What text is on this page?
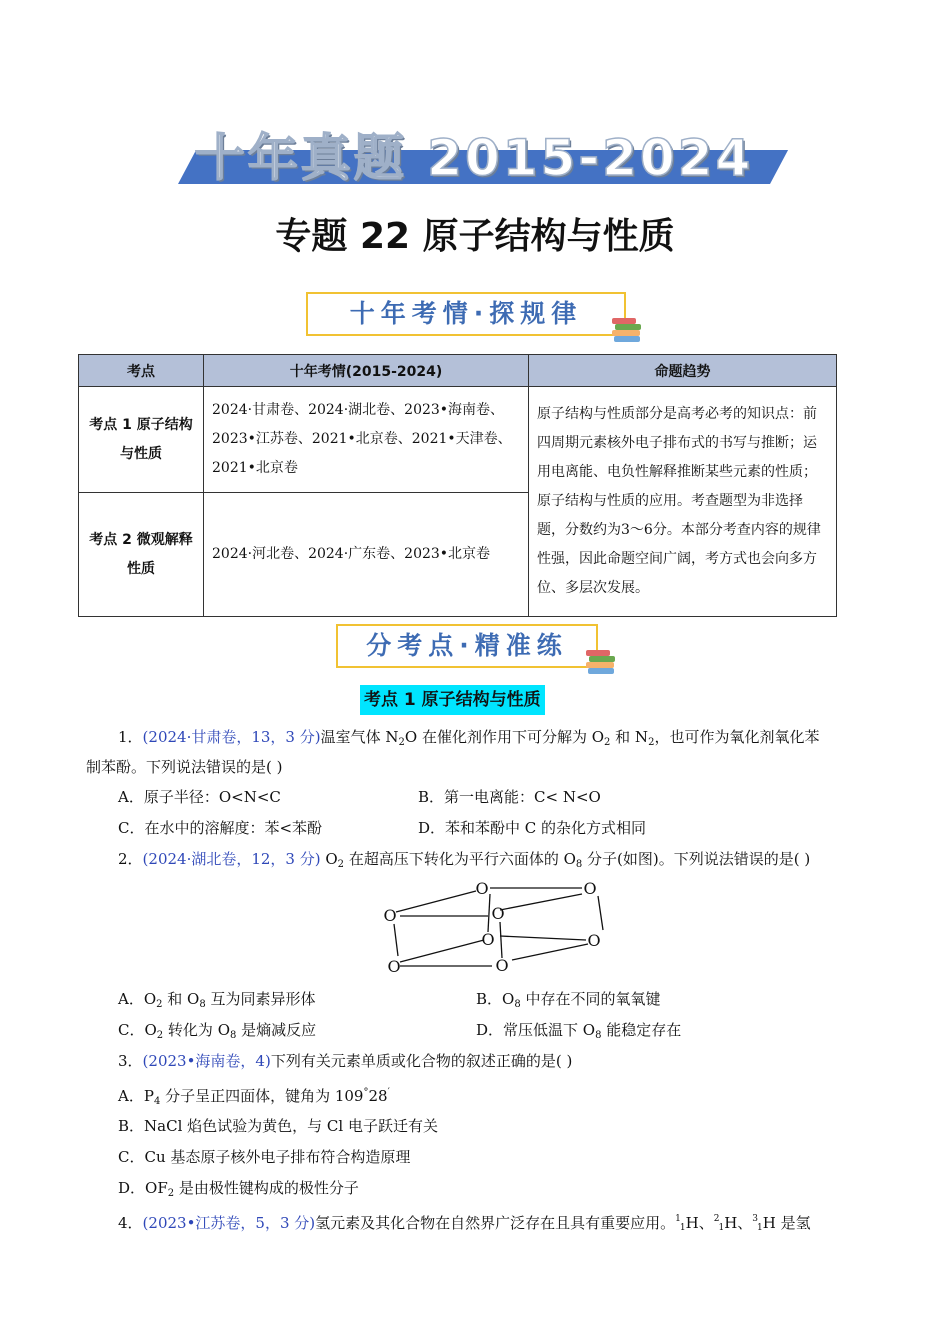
十年真题 2015-2024
专题 22 原子结构与性质
十年考情·探规律
考点	十年考情(2015-2024)	命题趋势
考点 1 原子结构与性质	2024·甘肃卷、2024·湖北卷、2023•海南卷、2023•江苏卷、2021•北京卷、2021•天津卷、2021•北京卷	原子结构与性质部分是高考必考的知识点：前四周期元素核外电子排布式的书写与推断；运用电离能、电负性解释推断某些元素的性质；原子结构与性质的应用。考查题型为非选择题，分数约为3～6分。本部分考查内容的规律性强，因此命题空间广阔，考方式也会向多方位、多层次发展。
考点 2 微观解释性质	2024·河北卷、2024·广东卷、2023•北京卷	
分考点·精准练
考点 1 原子结构与性质
1．(2024·甘肃卷，13，3 分)温室气体 $N_2O$ 在催化剂作用下可分解为 $O_2$ 和 $N_2$，也可作为氧化剂氧化苯
制苯酚。下列说法错误的是( )
A．原子半径：O<N<C	B．第一电离能：C< N<O
C．在水中的溶解度：苯<苯酚	D．苯和苯酚中 C 的杂化方式相同
2．(2024·湖北卷，12，3 分) $O_2$ 在超高压下转化为平行六面体的 $O_8$ 分子(如图)。下列说法错误的是( )
O	O
O	O
O	O
O	O
A．$O_2$ 和 $O_8$ 互为同素异形体	B．$O_8$ 中存在不同的氧氧键
C．$O_2$ 转化为 $O_8$ 是熵减反应	D．常压低温下 $O_8$ 能稳定存在
3．(2023•海南卷，4)下列有关元素单质或化合物的叙述正确的是( )
A．$P_4$ 分子呈正四面体，键角为 109°28′
B．NaCl 焰色试验为黄色，与 Cl 电子跃迁有关
C．Cu 基态原子核外电子排布符合构造原理
D．$OF_2$ 是由极性键构成的极性分子
4．(2023•江苏卷，5，3 分)氢元素及其化合物在自然界广泛存在且具有重要应用。$^1$1H、$^2$1H、$^3$1H 是氢
